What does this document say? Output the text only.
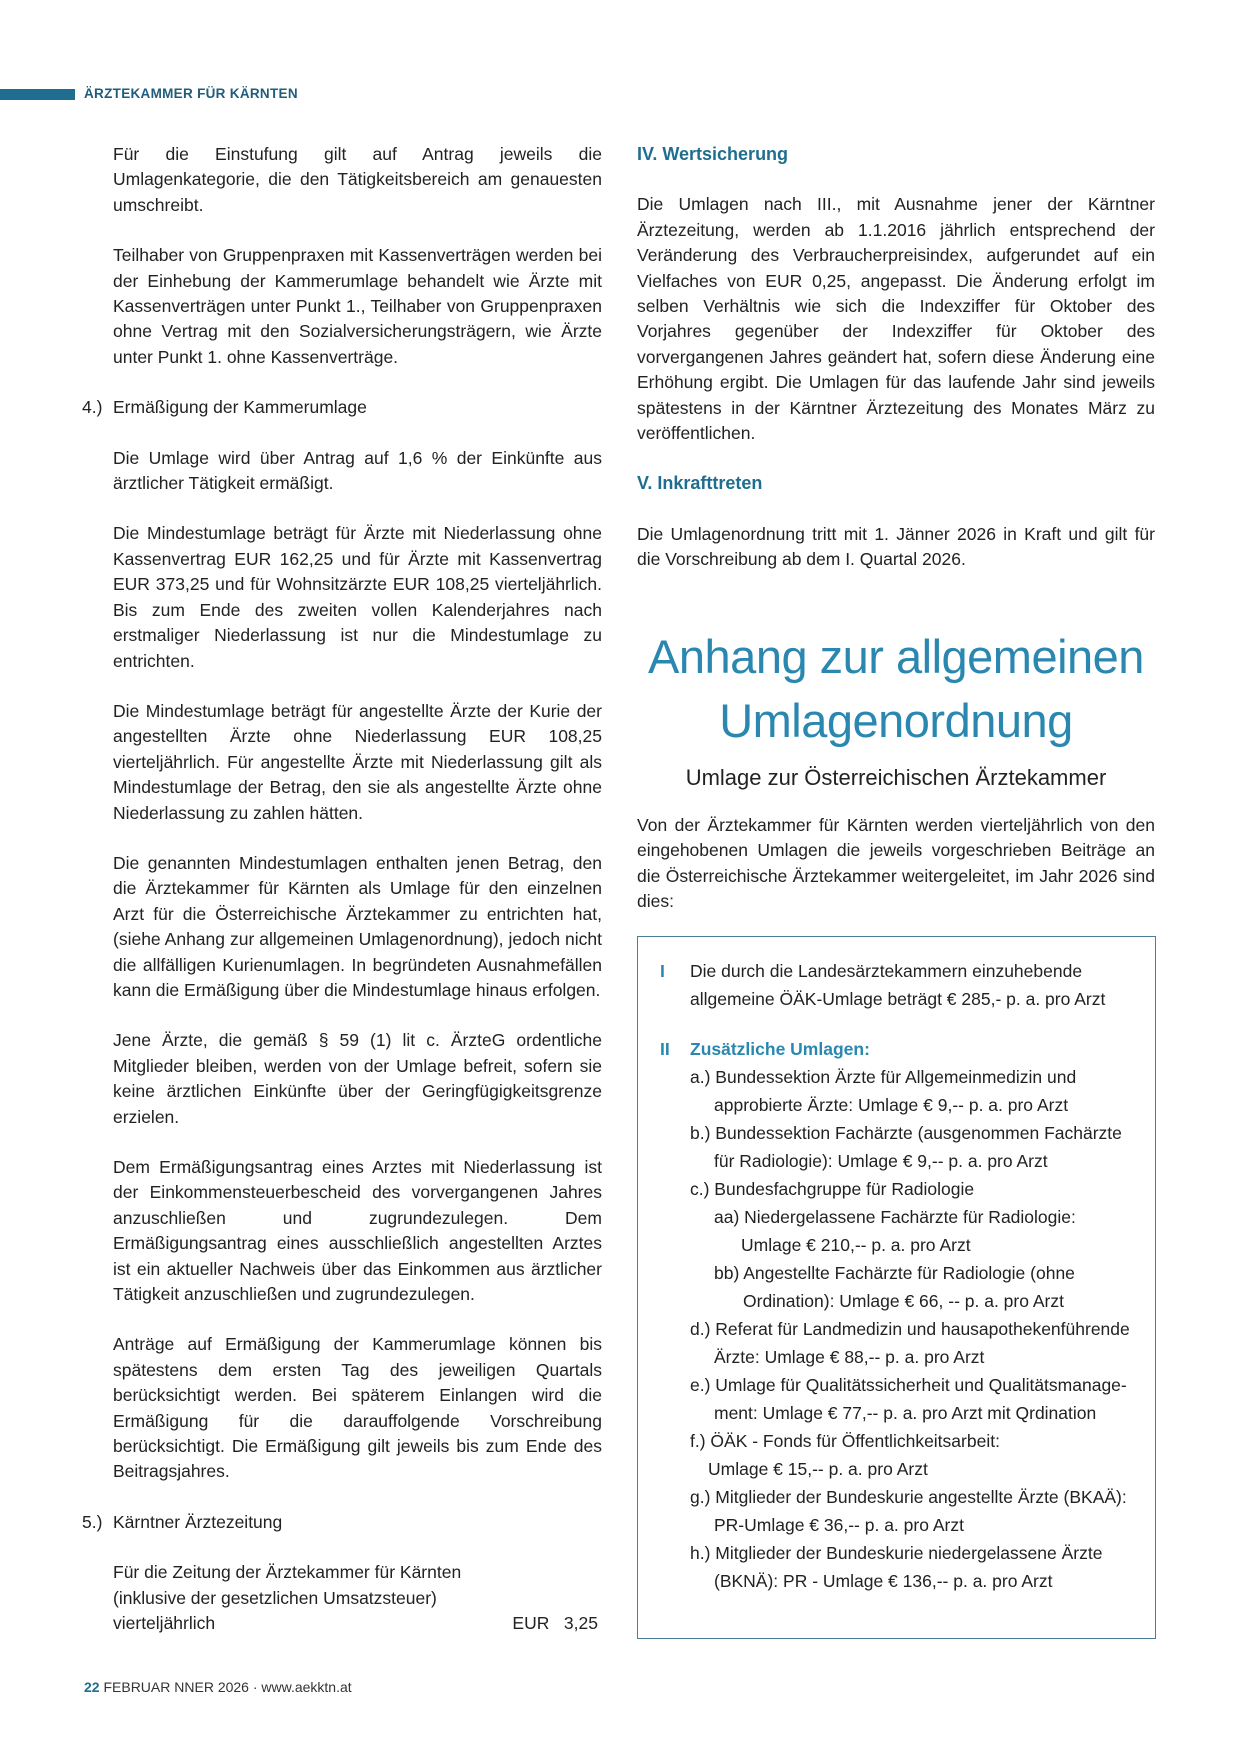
ÄRZTEKAMMER FÜR KÄRNTEN

Für die Einstufung gilt auf Antrag jeweils die Umlagenkategorie, die den Tätigkeitsbereich am genauesten umschreibt.

Teilhaber von Gruppenpraxen mit Kassenverträgen werden bei der Einhebung der Kammerumlage behandelt wie Ärzte mit Kassenverträgen unter Punkt 1., Teilhaber von Gruppenpraxen ohne Vertrag mit den Sozialversicherungsträgern, wie Ärzte unter Punkt 1. ohne Kassenverträge.

4.) Ermäßigung der Kammerumlage

Die Umlage wird über Antrag auf 1,6 % der Einkünfte aus ärztlicher Tätigkeit ermäßigt.

Die Mindestumlage beträgt für Ärzte mit Niederlassung ohne Kassenvertrag EUR 162,25 und für Ärzte mit Kassenvertrag EUR 373,25 und für Wohnsitzärzte EUR 108,25 vierteljährlich. Bis zum Ende des zweiten vollen Kalenderjahres nach erstmaliger Niederlassung ist nur die Mindestumlage zu entrichten.

Die Mindestumlage beträgt für angestellte Ärzte der Kurie der angestellten Ärzte ohne Niederlassung EUR 108,25 vierteljährlich. Für angestellte Ärzte mit Niederlassung gilt als Mindestumlage der Betrag, den sie als angestellte Ärzte ohne Niederlassung zu zahlen hätten.

Die genannten Mindestumlagen enthalten jenen Betrag, den die Ärztekammer für Kärnten als Umlage für den einzelnen Arzt für die Österreichische Ärztekammer zu entrichten hat, (siehe Anhang zur allgemeinen Umlagenordnung), jedoch nicht die allfälligen Kurienumlagen. In begründeten Ausnahmefällen kann die Ermäßigung über die Mindestumlage hinaus erfolgen.

Jene Ärzte, die gemäß § 59 (1) lit c. ÄrzteG ordentliche Mitglieder bleiben, werden von der Umlage befreit, sofern sie keine ärztlichen Einkünfte über der Geringfügigkeitsgrenze erzielen.

Dem Ermäßigungsantrag eines Arztes mit Niederlassung ist der Einkommensteuerbescheid des vorvergangenen Jahres anzuschließen und zugrundezulegen. Dem Ermäßigungsantrag eines ausschließlich angestellten Arztes ist ein aktueller Nachweis über das Einkommen aus ärztlicher Tätigkeit anzuschließen und zugrundezulegen.

Anträge auf Ermäßigung der Kammerumlage können bis spätestens dem ersten Tag des jeweiligen Quartals berücksichtigt werden. Bei späterem Einlangen wird die Ermäßigung für die darauffolgende Vorschreibung berücksichtigt. Die Ermäßigung gilt jeweils bis zum Ende des Beitragsjahres.

5.) Kärntner Ärztezeitung
Für die Zeitung der Ärztekammer für Kärnten
(inklusive der gesetzlichen Umsatzsteuer)
vierteljährlich	EUR   3,25

IV. Wertsicherung

Die Umlagen nach III., mit Ausnahme jener der Kärntner Ärztezeitung, werden ab 1.1.2016 jährlich entsprechend der Veränderung des Verbraucherpreisindex, aufgerundet auf ein Vielfaches von EUR 0,25, angepasst. Die Änderung erfolgt im selben Verhältnis wie sich die Indexziffer für Oktober des Vorjahres gegenüber der Indexziffer für Oktober des vorvergangenen Jahres geändert hat, sofern diese Änderung eine Erhöhung ergibt. Die Umlagen für das laufende Jahr sind jeweils spätestens in der Kärntner Ärztezeitung des Monates März zu veröffentlichen.

V. Inkrafttreten

Die Umlagenordnung tritt mit 1. Jänner 2026 in Kraft und gilt für die Vorschreibung ab dem I. Quartal 2026.

Anhang zur allgemeinen
Umlagenordnung

Umlage zur Österreichischen Ärztekammer

Von der Ärztekammer für Kärnten werden vierteljährlich von den eingehobenen Umlagen die jeweils vorgeschrieben Beiträge an die Österreichische Ärztekammer weitergeleitet, im Jahr 2026 sind dies:

I	Die durch die Landesärztekammern einzuhebende
allgemeine ÖÄK-Umlage beträgt € 285,- p. a. pro Arzt
II	Zusätzliche Umlagen:
a.) Bundessektion Ärzte für Allgemeinmedizin und
approbierte Ärzte: Umlage € 9,-- p. a. pro Arzt
b.) Bundessektion Fachärzte (ausgenommen Fachärzte
für Radiologie): Umlage € 9,-- p. a. pro Arzt
c.) Bundesfachgruppe für Radiologie
aa) Niedergelassene Fachärzte für Radiologie:
Umlage € 210,-- p. a. pro Arzt
bb) Angestellte Fachärzte für Radiologie (ohne
Ordination): Umlage € 66, -- p. a. pro Arzt
d.) Referat für Landmedizin und hausapothekenführende
Ärzte: Umlage € 88,-- p. a. pro Arzt
e.) Umlage für Qualitätssicherheit und Qualitätsmanage-
ment: Umlage € 77,-- p. a. pro Arzt mit Qrdination
f.) ÖÄK - Fonds für Öffentlichkeitsarbeit:
Umlage € 15,-- p. a. pro Arzt
g.) Mitglieder der Bundeskurie angestellte Ärzte (BKAÄ):
PR-Umlage € 36,-- p. a. pro Arzt
h.) Mitglieder der Bundeskurie niedergelassene Ärzte
(BKNÄ): PR - Umlage € 136,-- p. a. pro Arzt
22 FEBRUAR NNER 2026 · www.aekktn.at
